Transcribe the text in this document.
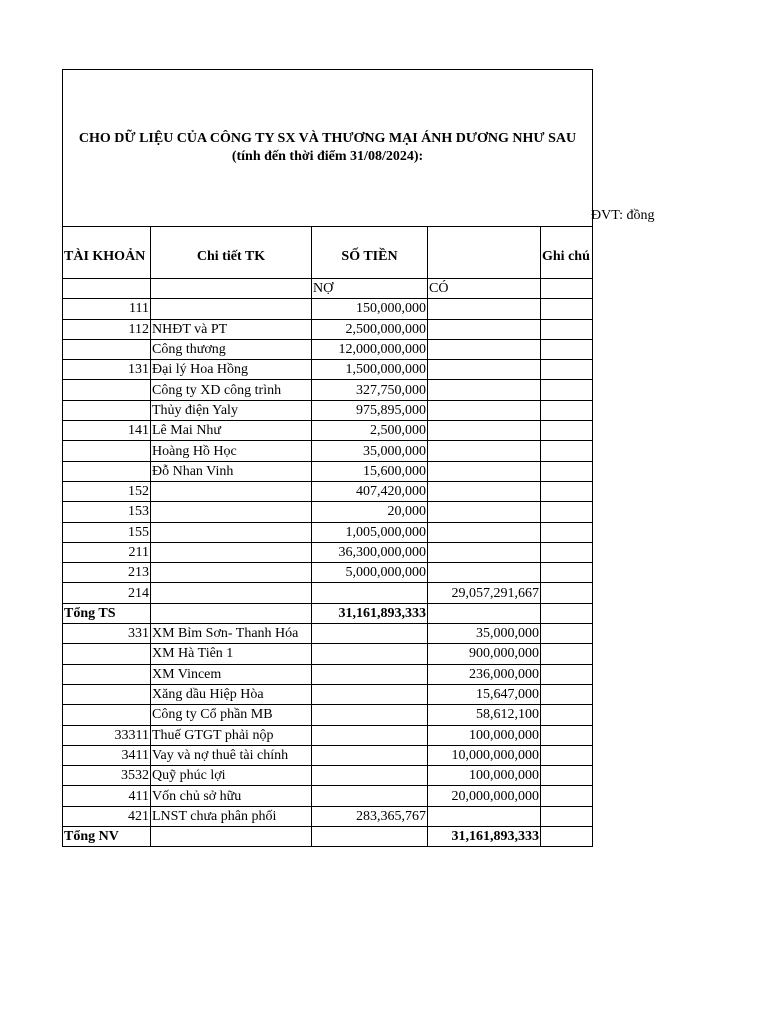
CHO DỮ LIỆU CỦA CÔNG TY SX VÀ THƯƠNG MẠI ÁNH DƯƠNG NHƯ SAU (tính đến thời điểm 31/08/2024):				
TÀI KHOẢN	Chi tiết TK	SỐ TIỀN		Ghi chú
		NỢ	CÓ	
111		150,000,000		
112	NHĐT và PT	2,500,000,000		
	Công thương	12,000,000,000		
131	Đại lý Hoa Hồng	1,500,000,000		
	Công ty XD công trình	327,750,000		
	Thủy điện Yaly	975,895,000		
141	Lê Mai Như	2,500,000		
	Hoàng Hồ Học	35,000,000		
	Đỗ Nhan Vinh	15,600,000		
152		407,420,000		
153		20,000		
155		1,005,000,000		
211		36,300,000,000		
213		5,000,000,000		
214			29,057,291,667	
Tổng TS		31,161,893,333		
331	XM Bỉm Sơn- Thanh Hóa		35,000,000	
	XM Hà Tiên 1		900,000,000	
	XM Vincem		236,000,000	
	Xăng dầu Hiệp Hòa		15,647,000	
	Công ty Cổ phần MB		58,612,100	
33311	Thuế GTGT phải nộp		100,000,000	
3411	Vay và nợ thuê tài chính		10,000,000,000	
3532	Quỹ phúc lợi		100,000,000	
411	Vốn chủ sở hữu		20,000,000,000	
421	LNST chưa phân phối	283,365,767		
Tổng NV			31,161,893,333	
ĐVT: đồng
